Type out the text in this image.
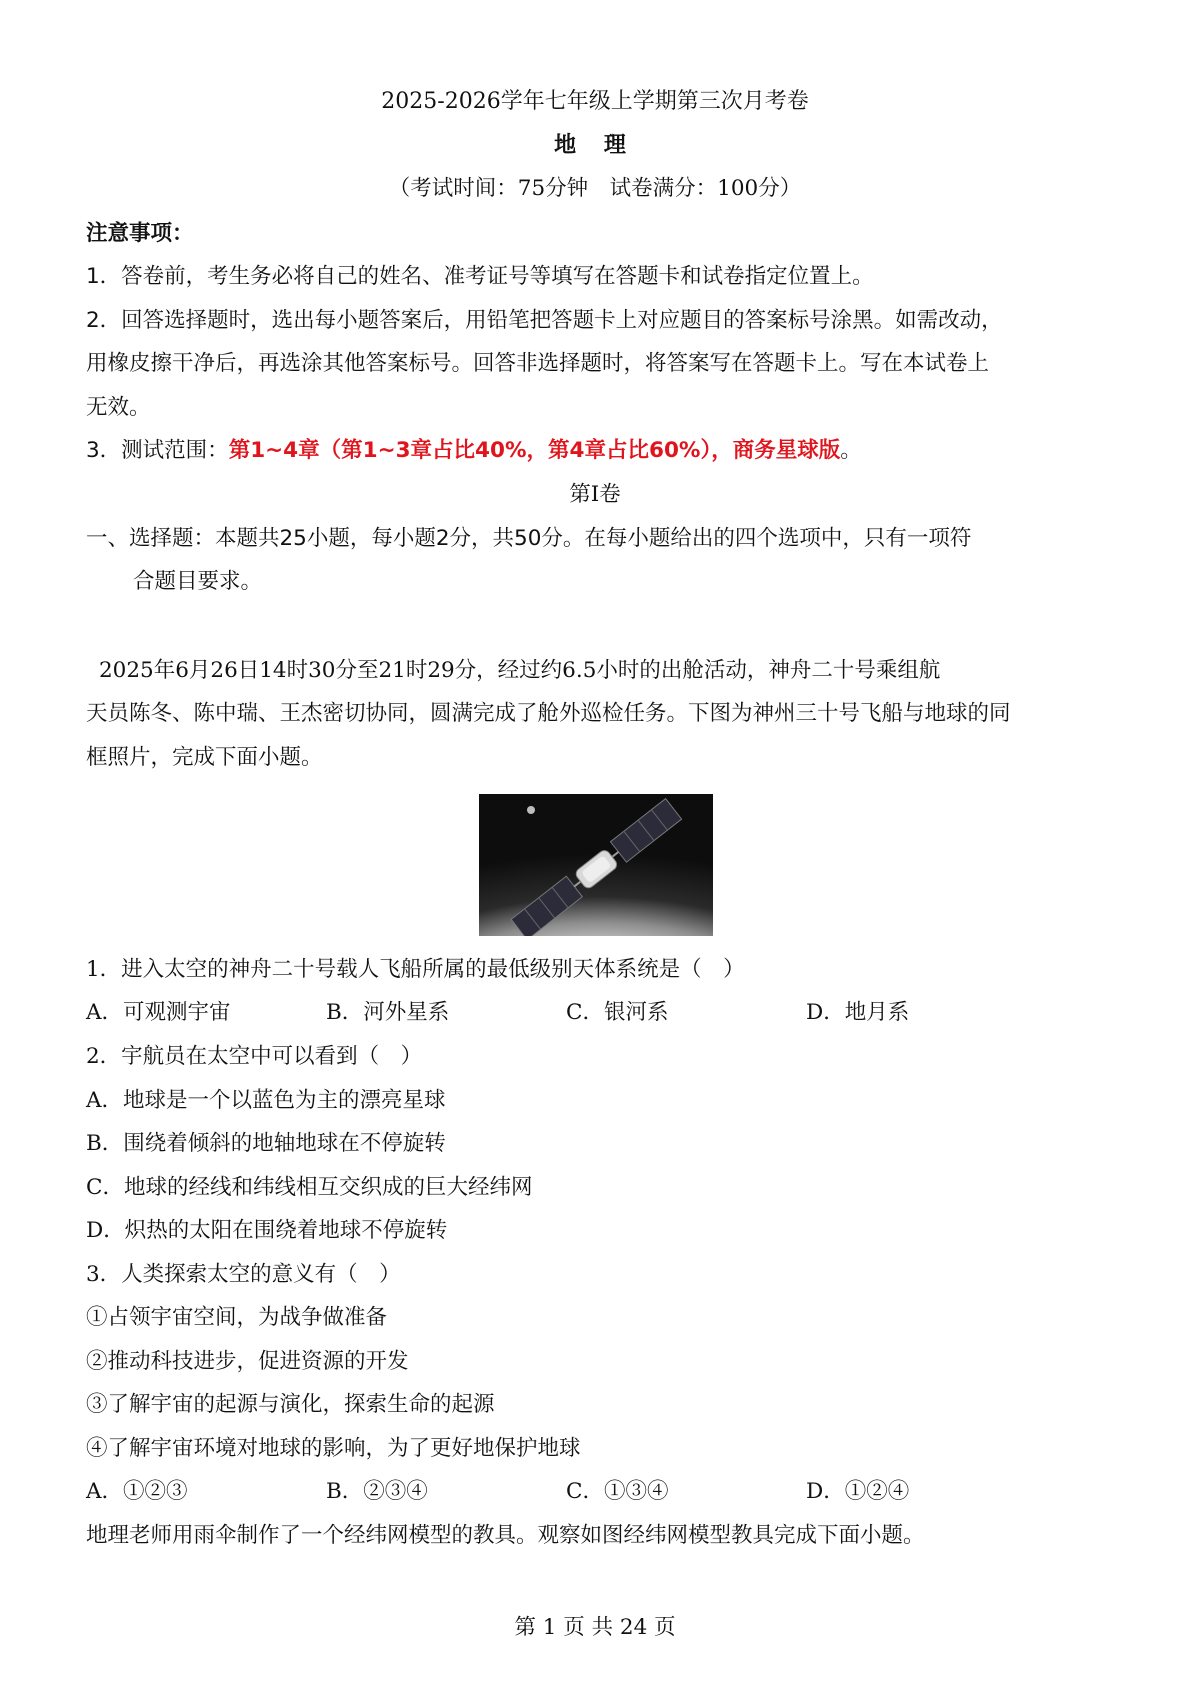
2025-2026学年七年级上学期第三次月考卷
地 理
（考试时间：75分钟　试卷满分：100分）
注意事项：
1．答卷前，考生务必将自己的姓名、准考证号等填写在答题卡和试卷指定位置上。
2．回答选择题时，选出每小题答案后，用铅笔把答题卡上对应题目的答案标号涂黑。如需改动，
用橡皮擦干净后，再选涂其他答案标号。回答非选择题时，将答案写在答题卡上。写在本试卷上
无效。
3．测试范围：第1~4章（第1~3章占比40%，第4章占比60%），商务星球版。
第Ⅰ卷
一、选择题：本题共25小题，每小题2分，共50分。在每小题给出的四个选项中，只有一项符
合题目要求。
2025年6月26日14时30分至21时29分，经过约6.5小时的出舱活动，神舟二十号乘组航
天员陈冬、陈中瑞、王杰密切协同，圆满完成了舱外巡检任务。下图为神州三十号飞船与地球的同
框照片，完成下面小题。
1．进入太空的神舟二十号载人飞船所属的最低级别天体系统是（　）
A．可观测宇宙	B．河外星系	C．银河系	D．地月系
2．宇航员在太空中可以看到（　）
A．地球是一个以蓝色为主的漂亮星球
B．围绕着倾斜的地轴地球在不停旋转
C．地球的经线和纬线相互交织成的巨大经纬网
D．炽热的太阳在围绕着地球不停旋转
3．人类探索太空的意义有（　）
①占领宇宙空间，为战争做准备
②推动科技进步，促进资源的开发
③了解宇宙的起源与演化，探索生命的起源
④了解宇宙环境对地球的影响，为了更好地保护地球
A．①②③	B．②③④	C．①③④	D．①②④
地理老师用雨伞制作了一个经纬网模型的教具。观察如图经纬网模型教具完成下面小题。
第 1 页 共 24 页
